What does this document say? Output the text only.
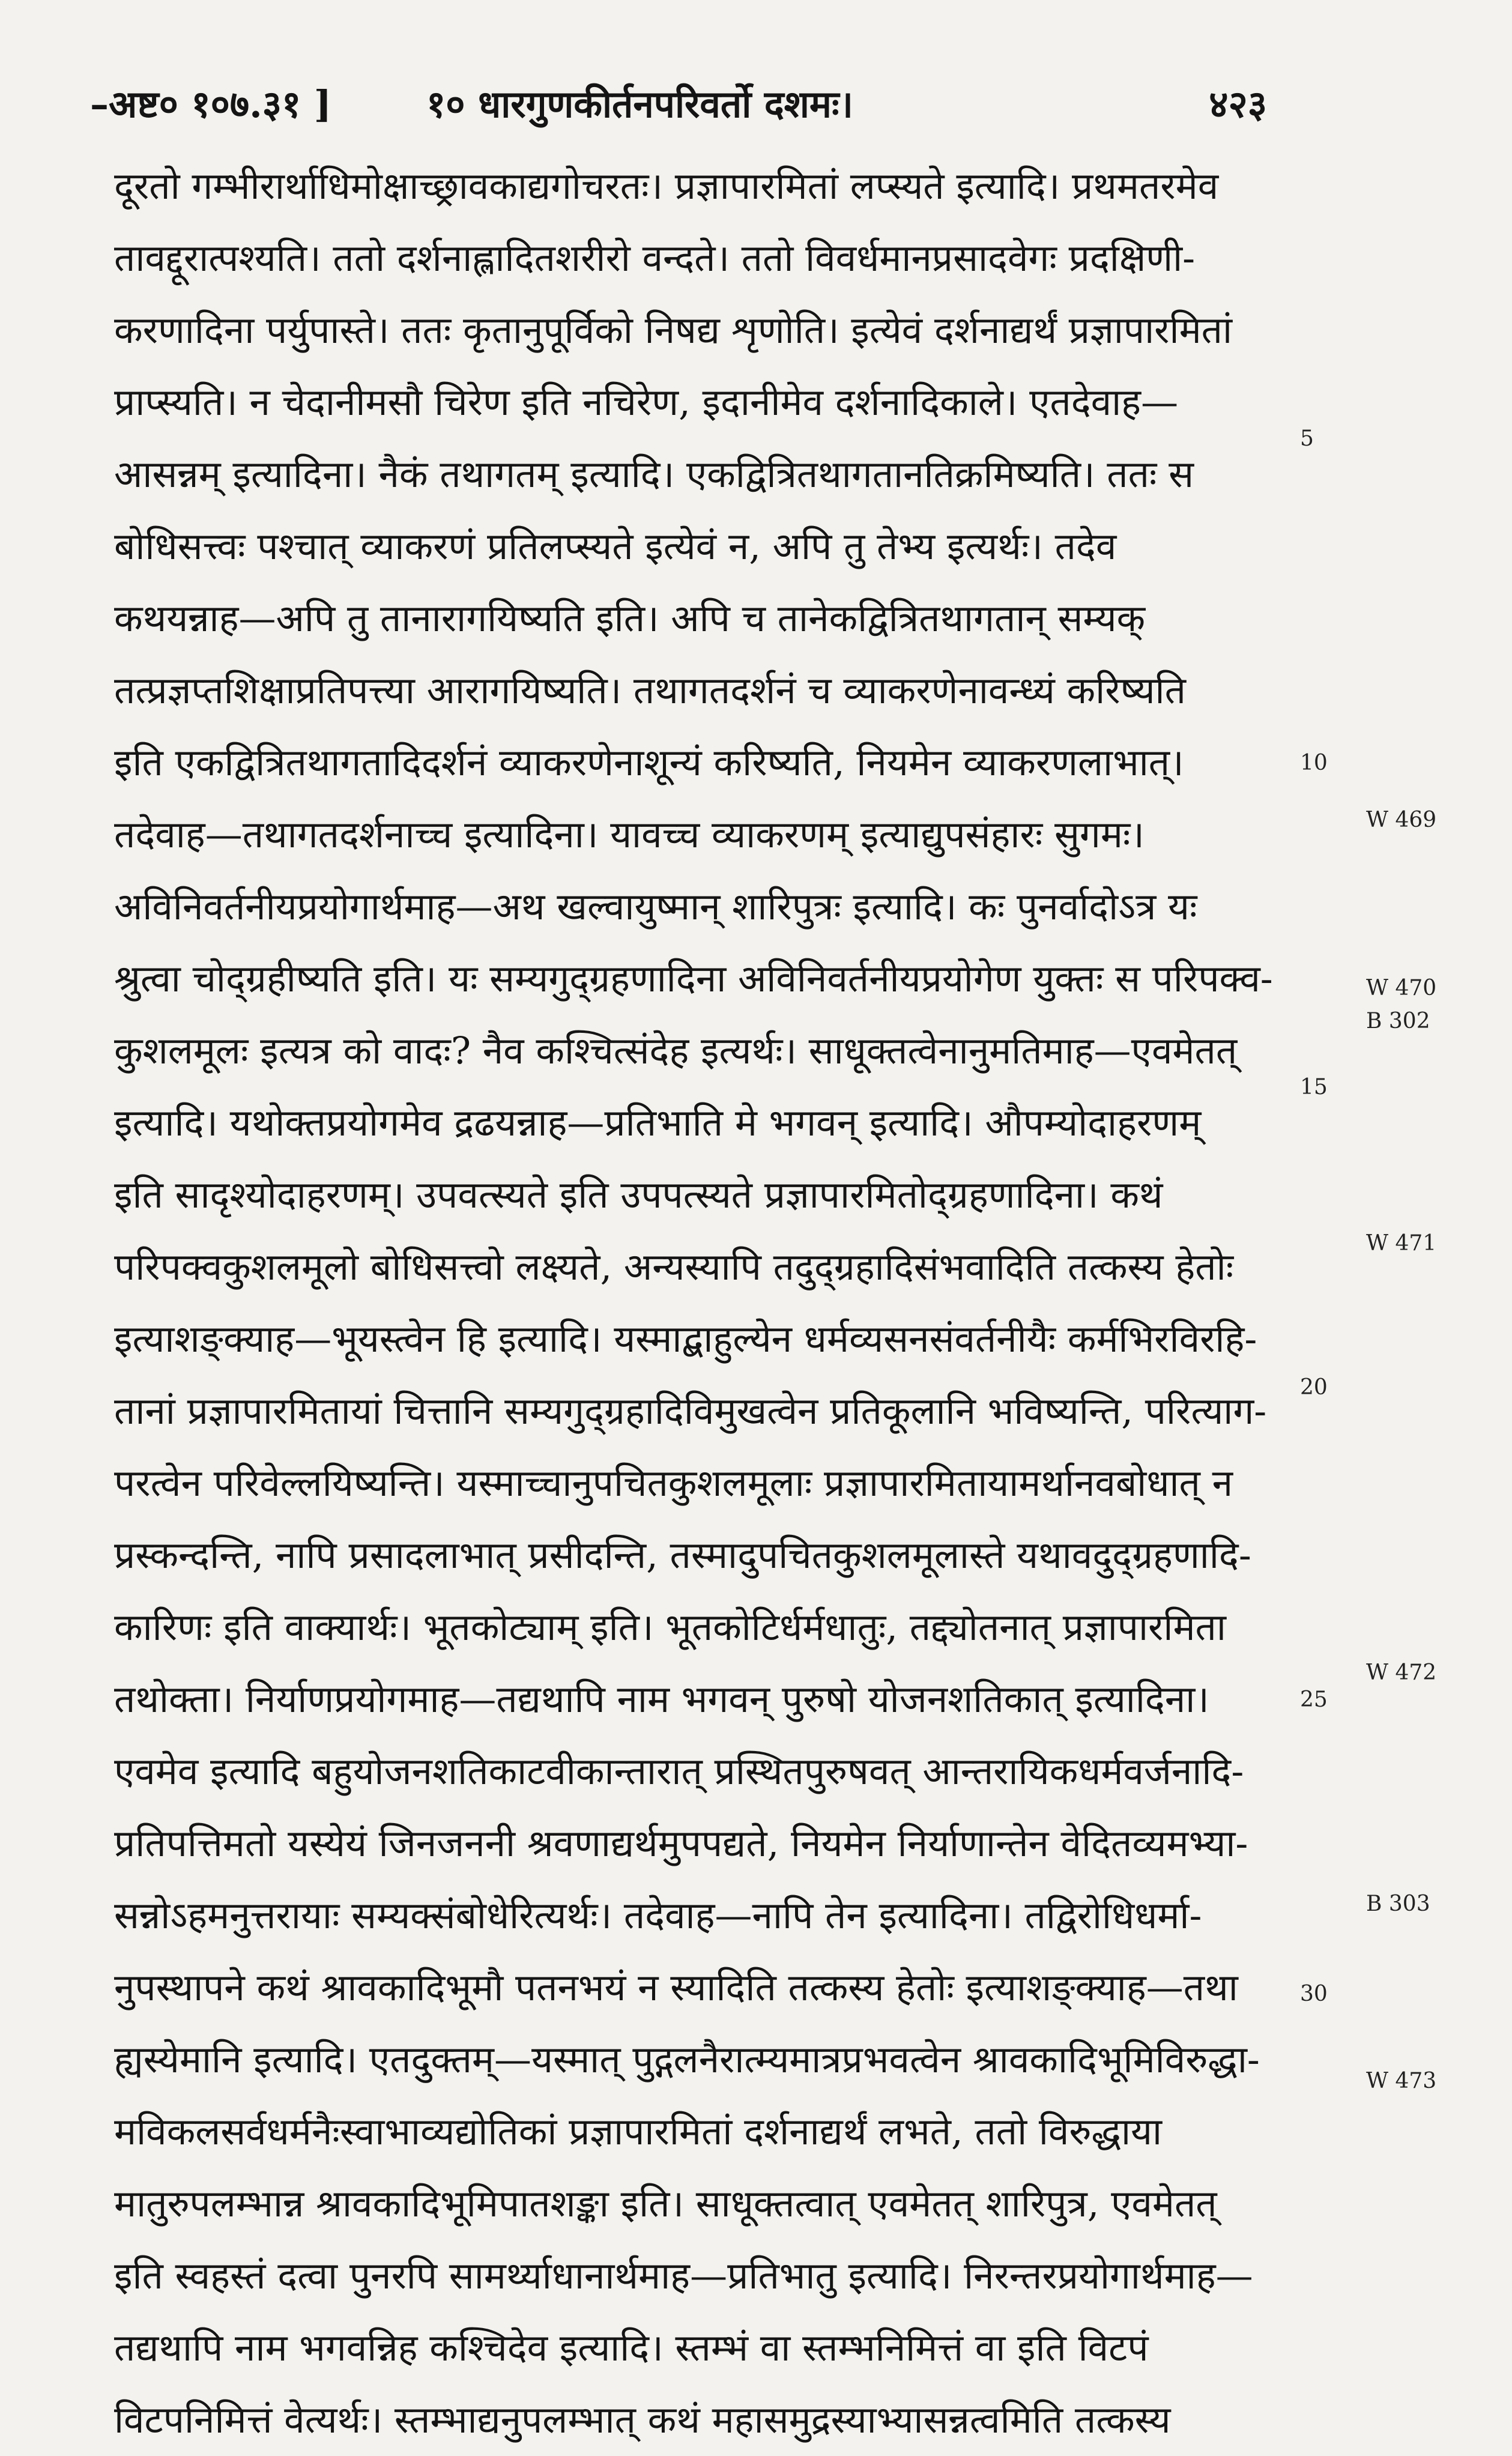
–अष्ट० १०७.३१ ]	१० धारगुणकीर्तनपरिवर्तो दशमः।	४२३
दूरतो गम्भीरार्थाधिमोक्षाच्छ्रावकाद्यगोचरतः। प्रज्ञापारमितां लप्स्यते इत्यादि। प्रथमतरमेव
तावद्दूरात्पश्यति। ततो दर्शनाह्लादितशरीरो वन्दते। ततो विवर्धमानप्रसादवेगः प्रदक्षिणी-
करणादिना पर्युपास्ते। ततः कृतानुपूर्विको निषद्य शृणोति। इत्येवं दर्शनाद्यर्थं प्रज्ञापारमितां
प्राप्स्यति। न चेदानीमसौ चिरेण इति नचिरेण, इदानीमेव दर्शनादिकाले। एतदेवाह—
आसन्नम् इत्यादिना। नैकं तथागतम् इत्यादि। एकद्वित्रितथागतानतिक्रमिष्यति। ततः स
बोधिसत्त्वः पश्चात् व्याकरणं प्रतिलप्स्यते इत्येवं न, अपि तु तेभ्य इत्यर्थः। तदेव
कथयन्नाह—अपि तु तानारागयिष्यति इति। अपि च तानेकद्वित्रितथागतान् सम्यक्
तत्प्रज्ञप्तशिक्षाप्रतिपत्त्या आरागयिष्यति। तथागतदर्शनं च व्याकरणेनावन्ध्यं करिष्यति
इति एकद्वित्रितथागतादिदर्शनं व्याकरणेनाशून्यं करिष्यति, नियमेन व्याकरणलाभात्।
तदेवाह—तथागतदर्शनाच्च इत्यादिना। यावच्च व्याकरणम् इत्याद्युपसंहारः सुगमः।
अविनिवर्तनीयप्रयोगार्थमाह—अथ खल्वायुष्मान् शारिपुत्रः इत्यादि। कः पुनर्वादोऽत्र यः
श्रुत्वा चोद्ग्रहीष्यति इति। यः सम्यगुद्ग्रहणादिना अविनिवर्तनीयप्रयोगेण युक्तः स परिपक्व-
कुशलमूलः इत्यत्र को वादः? नैव कश्चित्संदेह इत्यर्थः। साधूक्तत्वेनानुमतिमाह—एवमेतत्
इत्यादि। यथोक्तप्रयोगमेव द्रढयन्नाह—प्रतिभाति मे भगवन् इत्यादि। औपम्योदाहरणम्
इति सादृश्योदाहरणम्। उपवत्स्यते इति उपपत्स्यते प्रज्ञापारमितोद्ग्रहणादिना। कथं
परिपक्वकुशलमूलो बोधिसत्त्वो लक्ष्यते, अन्यस्यापि तदुद्ग्रहादिसंभवादिति तत्कस्य हेतोः
इत्याशङ्क्याह—भूयस्त्वेन हि इत्यादि। यस्माद्बाहुल्येन धर्मव्यसनसंवर्तनीयैः कर्मभिरविरहि-
तानां प्रज्ञापारमितायां चित्तानि सम्यगुद्ग्रहादिविमुखत्वेन प्रतिकूलानि भविष्यन्ति, परित्याग-
परत्वेन परिवेल्लयिष्यन्ति। यस्माच्चानुपचितकुशलमूलाः प्रज्ञापारमितायामर्थानवबोधात् न
प्रस्कन्दन्ति, नापि प्रसादलाभात् प्रसीदन्ति, तस्मादुपचितकुशलमूलास्ते यथावदुद्ग्रहणादि-
कारिणः इति वाक्यार्थः। भूतकोट्याम् इति। भूतकोटिर्धर्मधातुः, तद्द्योतनात् प्रज्ञापारमिता
तथोक्ता। निर्याणप्रयोगमाह—तद्यथापि नाम भगवन् पुरुषो योजनशतिकात् इत्यादिना।
एवमेव इत्यादि बहुयोजनशतिकाटवीकान्तारात् प्रस्थितपुरुषवत् आन्तरायिकधर्मवर्जनादि-
प्रतिपत्तिमतो यस्येयं जिनजननी श्रवणाद्यर्थमुपपद्यते, नियमेन निर्याणान्तेन वेदितव्यमभ्या-
सन्नोऽहमनुत्तरायाः सम्यक्संबोधेरित्यर्थः। तदेवाह—नापि तेन इत्यादिना। तद्विरोधिधर्मा-
नुपस्थापने कथं श्रावकादिभूमौ पतनभयं न स्यादिति तत्कस्य हेतोः इत्याशङ्क्याह—तथा
ह्यस्येमानि इत्यादि। एतदुक्तम्—यस्मात् पुद्गलनैरात्म्यमात्रप्रभवत्वेन श्रावकादिभूमिविरुद्धा-
मविकलसर्वधर्मनैःस्वाभाव्यद्योतिकां प्रज्ञापारमितां दर्शनाद्यर्थं लभते, ततो विरुद्धाया
मातुरुपलम्भान्न श्रावकादिभूमिपातशङ्का इति। साधूक्तत्वात् एवमेतत् शारिपुत्र, एवमेतत्
इति स्वहस्तं दत्वा पुनरपि सामर्थ्याधानार्थमाह—प्रतिभातु इत्यादि। निरन्तरप्रयोगार्थमाह—
तद्यथापि नाम भगवन्निह कश्चिदेव इत्यादि। स्तम्भं वा स्तम्भनिमित्तं वा इति विटपं
विटपनिमित्तं वेत्यर्थः। स्तम्भाद्यनुपलम्भात् कथं महासमुद्रस्याभ्यासन्नत्वमिति तत्कस्य
5
10
15
20
25
30
W 469
W 470
B 302
W 471
W 472
B 303
W 473
